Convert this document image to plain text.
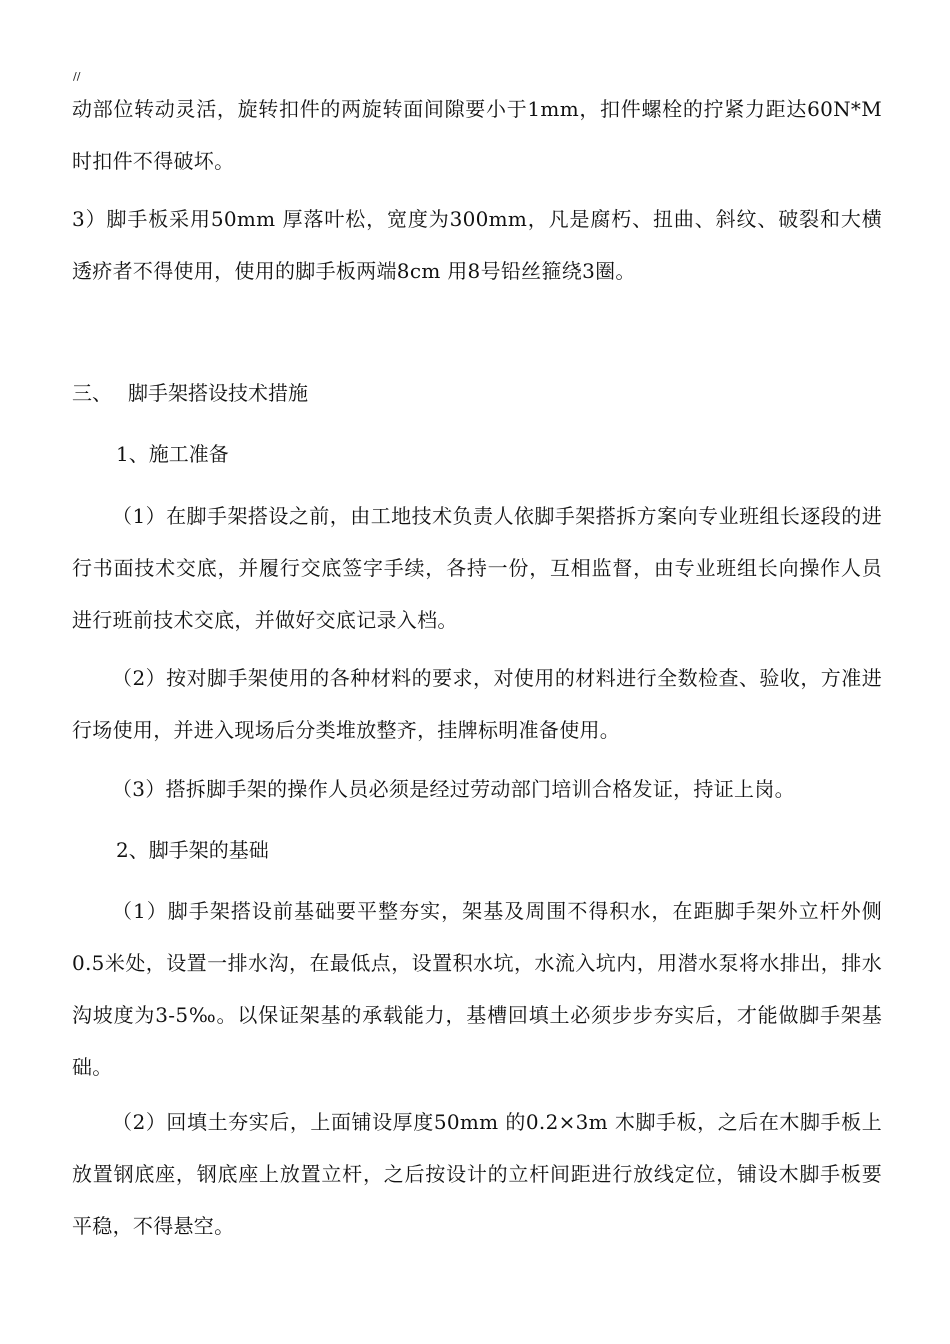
//

动部位转动灵活，旋转扣件的两旋转面间隙要小于1mm，扣件螺栓的拧紧力距达60N*M 时扣件不得破坏。

3）脚手板采用50mm 厚落叶松，宽度为300mm，凡是腐朽、扭曲、斜纹、破裂和大横透疥者不得使用，使用的脚手板两端8cm 用8号铅丝箍绕3圈。

三、 脚手架搭设技术措施
1、施工准备

（1）在脚手架搭设之前，由工地技术负责人依脚手架搭拆方案向专业班组长逐段的进行书面技术交底，并履行交底签字手续，各持一份，互相监督，由专业班组长向操作人员进行班前技术交底，并做好交底记录入档。

（2）按对脚手架使用的各种材料的要求，对使用的材料进行全数检查、验收，方准进行场使用，并进入现场后分类堆放整齐，挂牌标明准备使用。

（3）搭拆脚手架的操作人员必须是经过劳动部门培训合格发证，持证上岗。

2、脚手架的基础

（1）脚手架搭设前基础要平整夯实，架基及周围不得积水，在距脚手架外立杆外侧0.5米处，设置一排水沟，在最低点，设置积水坑，水流入坑内，用潜水泵将水排出，排水沟坡度为3-5‰。以保证架基的承载能力，基槽回填土必须步步夯实后，才能做脚手架基础。

（2）回填土夯实后，上面铺设厚度50mm 的0.2×3m 木脚手板，之后在木脚手板上放置钢底座，钢底座上放置立杆，之后按设计的立杆间距进行放线定位，铺设木脚手板要平稳，不得悬空。
